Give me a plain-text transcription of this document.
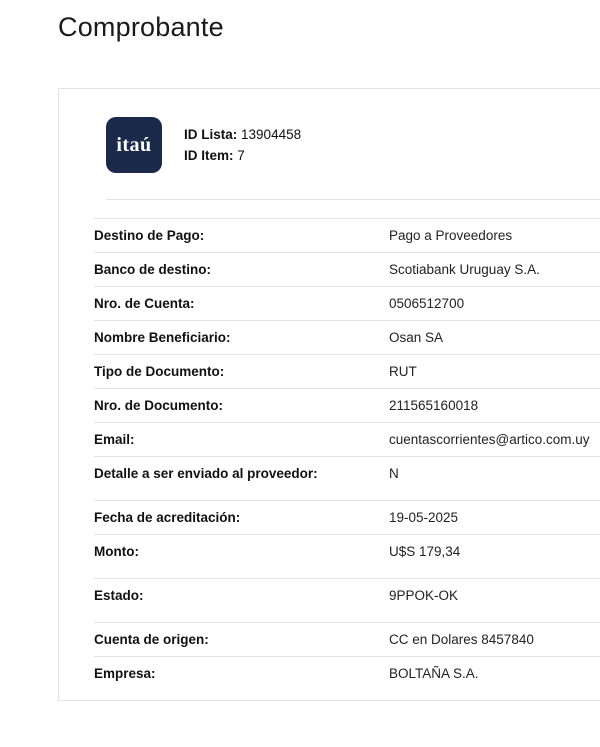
Comprobante
itaú ID Lista: 13904458
ID Item: 7
Destino de Pago:	Pago a Proveedores
Banco de destino:	Scotiabank Uruguay S.A.
Nro. de Cuenta:	0506512700
Nombre Beneficiario:	Osan SA
Tipo de Documento:	RUT
Nro. de Documento:	211565160018
Email:	cuentascorrientes@artico.com.uy
Detalle a ser enviado al proveedor:	N
Fecha de acreditación:	19-05-2025
Monto:	U$S 179,34
Estado:	9PPOK-OK
Cuenta de origen:	CC en Dolares 8457840
Empresa:	BOLTAÑA S.A.
